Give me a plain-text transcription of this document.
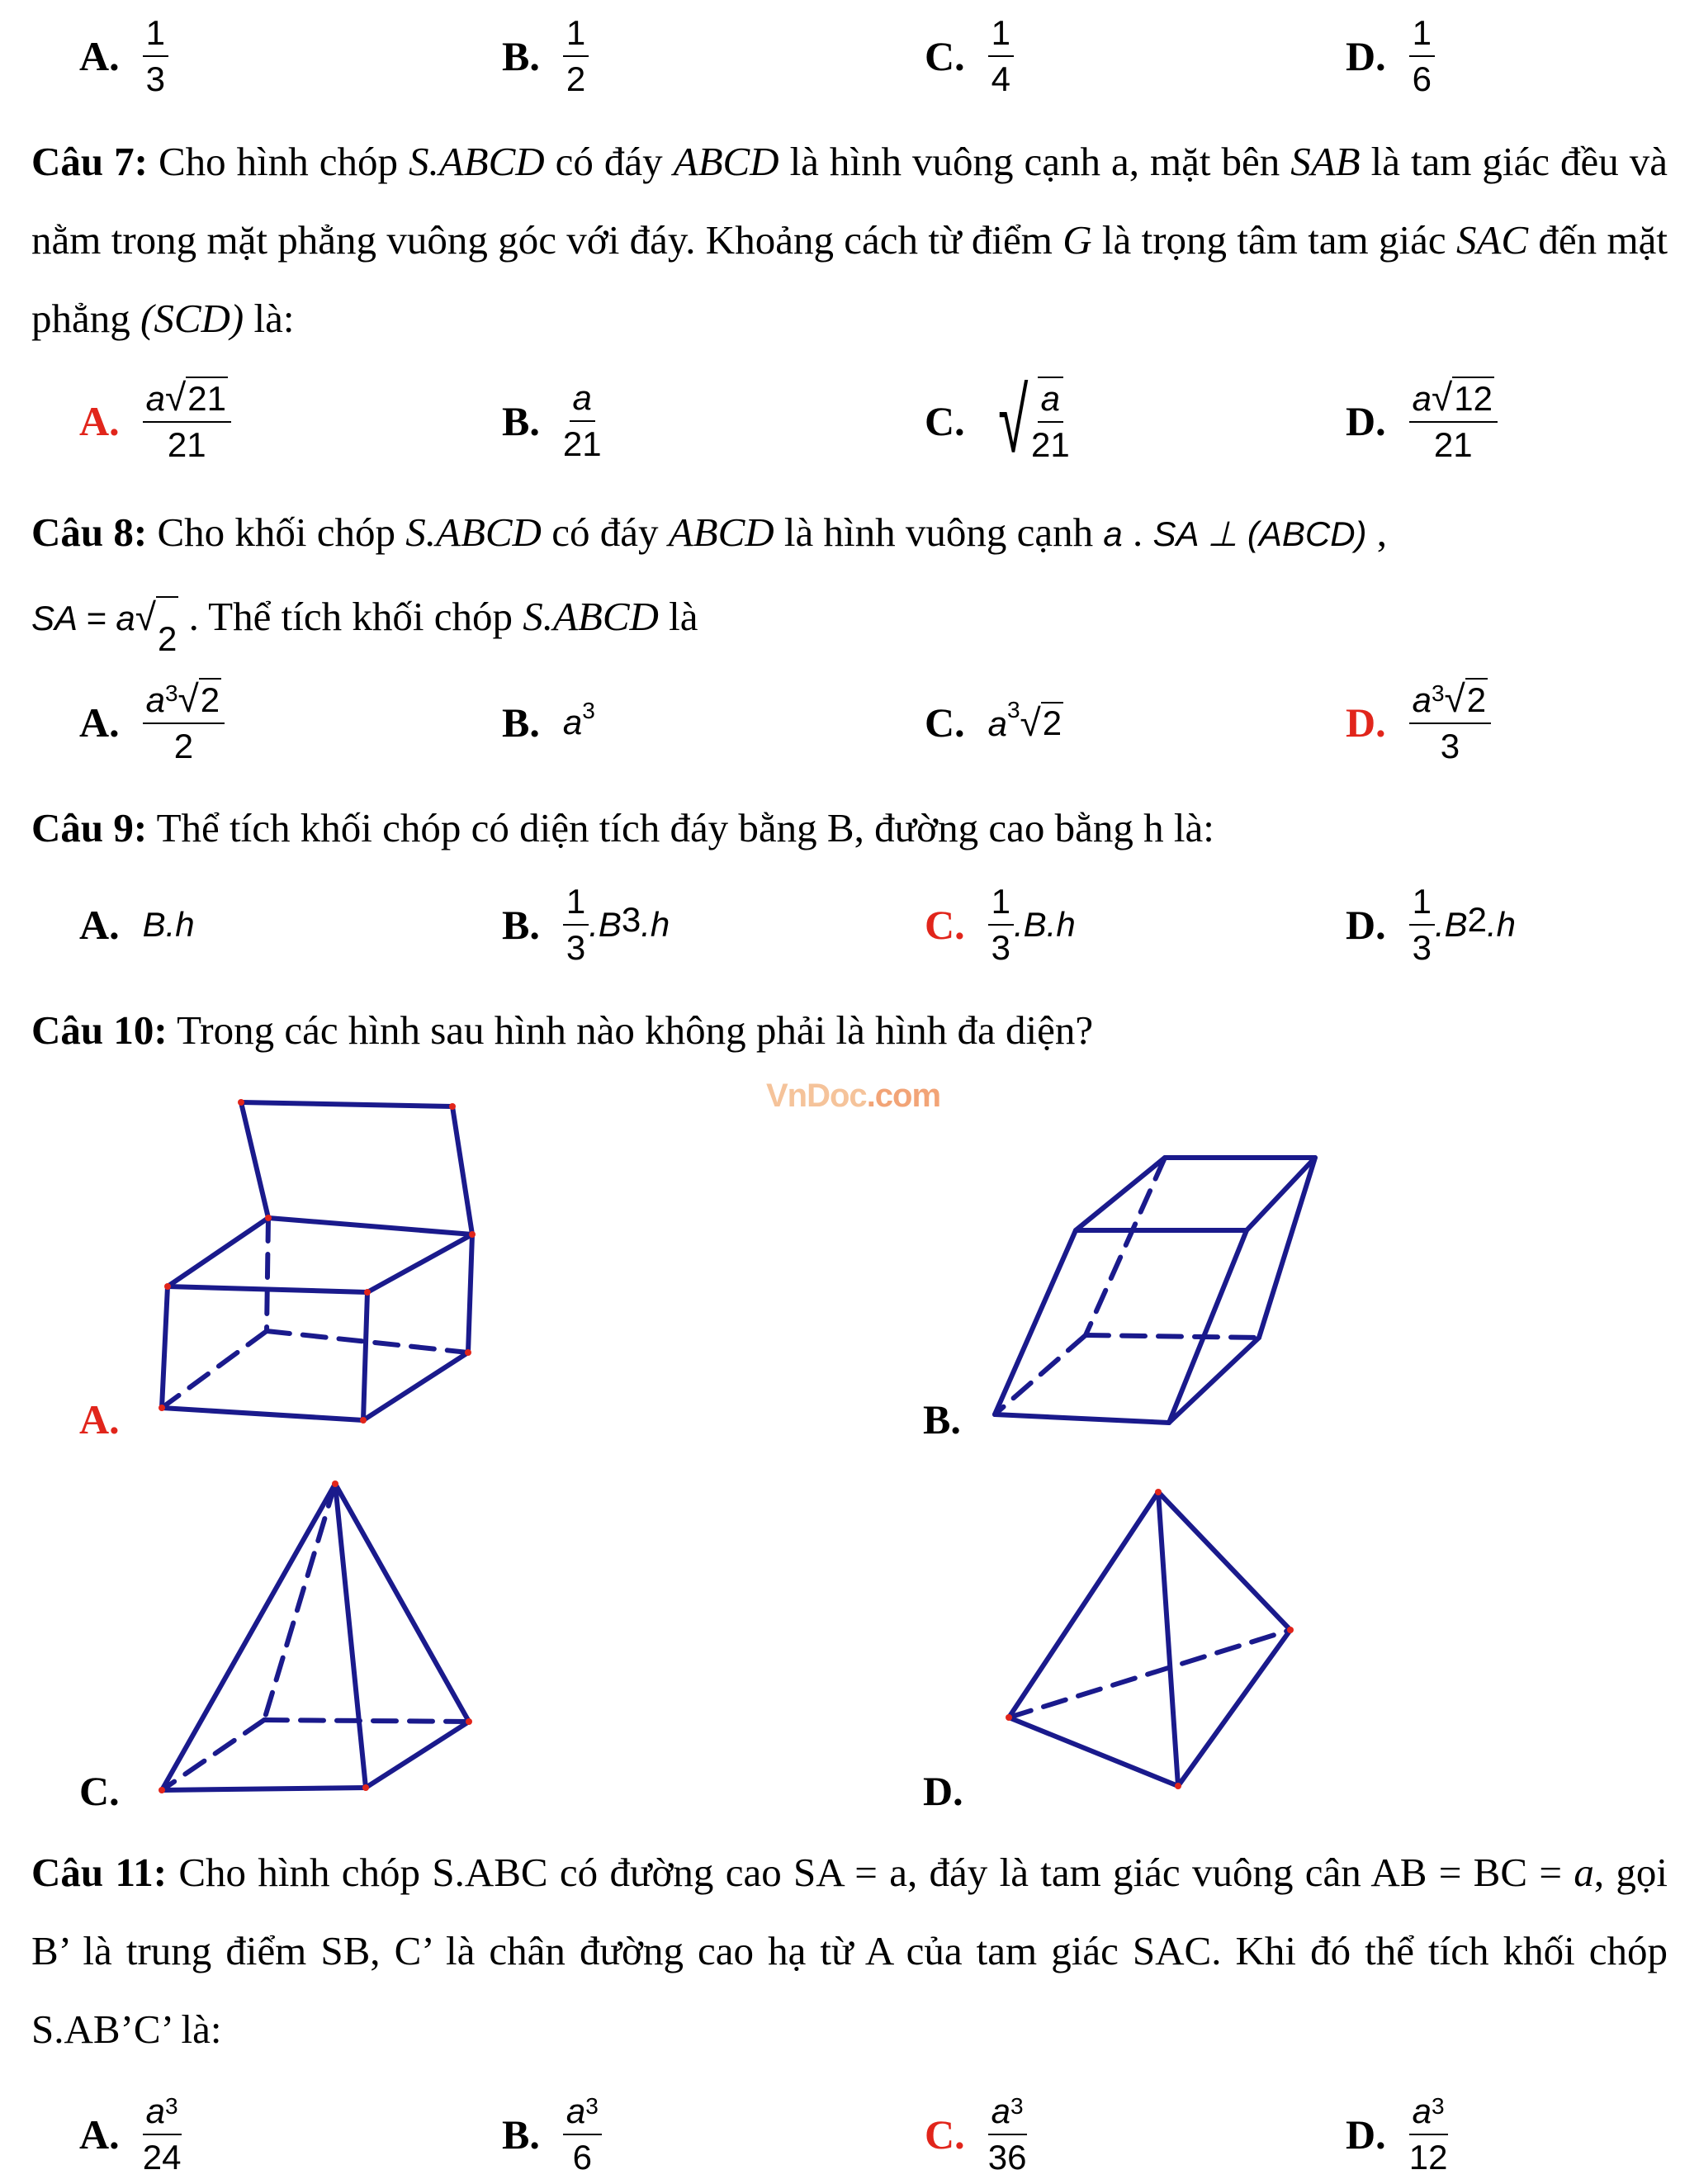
A. $\frac{1}{3}$	B. $\frac{1}{2}$	C. $\frac{1}{4}$	D. $\frac{1}{6}$
Câu 7: Cho hình chóp S.ABCD có đáy ABCD là hình vuông cạnh a, mặt bên SAB là tam giác đều và nằm trong mặt phẳng vuông góc với đáy. Khoảng cách từ điểm G là trọng tâm tam giác SAC đến mặt phẳng (SCD) là:
A. $\frac{a √ 21}{21}$	B. $\frac{a}{21}$	C. √ $\frac{a}{21}$	D. $\frac{a √ 12}{21}$
Câu 8: Cho khối chóp S.ABCD có đáy ABCD là hình vuông cạnh a . SA ⊥ (ABCD) ,
SA = a √
2 . Thể tích khối chóp S.ABCD là
A. $\frac{a^3 √ 2}{2}$	B. $a^3$	C. $a^3$ √ 2	D. $\frac{a^3 √ 2}{3}$
Câu 9: Thể tích khối chóp có diện tích đáy bằng B, đường cao bằng h là:
A. B.h	B. $\frac{1}{3} .B^3$ .h	C. $\frac{1}{3} .B.h$	D. $\frac{1}{3} .B^2$ .h
Câu 10: Trong các hình sau hình nào không phải là hình đa diện?
VnDoc.com
A.	B.
C.	D.
Câu 11: Cho hình chóp S.ABC có đường cao SA = a, đáy là tam giác vuông cân AB = BC = a, gọi B’ là trung điểm SB, C’ là chân đường cao hạ từ A của tam giác SAC. Khi đó thể tích khối chóp S.AB’C’ là:
A. $\frac{a^3}{24}$	B. $\frac{a^3}{6}$	C. $\frac{a^3}{36}$	D. $\frac{a^3}{12}$
